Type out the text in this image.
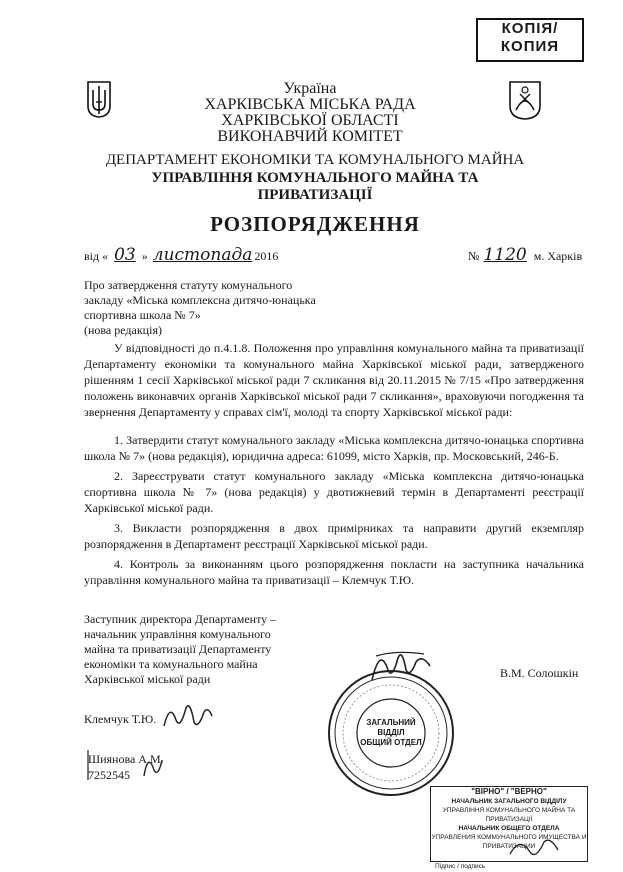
КОПІЯ/
КОПИЯ
Україна
ХАРКІВСЬКА МІСЬКА РАДА
ХАРКІВСЬКОЇ ОБЛАСТІ
ВИКОНАВЧИЙ КОМІТЕТ
ДЕПАРТАМЕНТ ЕКОНОМІКИ ТА КОМУНАЛЬНОГО МАЙНА
УПРАВЛІННЯ КОМУНАЛЬНОГО МАЙНА ТА
ПРИВАТИЗАЦІЇ
РОЗПОРЯДЖЕННЯ
від « 03 » листопада 2016	№ 1120 м. Харків
Про затвердження статуту комунального
закладу «Міська комплексна дитячо-юнацька
спортивна школа № 7»
(нова редакція)
У відповідності до п.4.1.8. Положення про управління комунального майна та приватизації Департаменту економіки та комунального майна Харківської міської ради, затвердженого рішенням 1 сесії Харківської міської ради 7 скликання від 20.11.2015 № 7/15 «Про затвердження положень виконавчих органів Харківської міської ради 7 скликання», враховуючи погодження та звернення Департаменту у справах сім'ї, молоді та спорту Харківської міської ради:
1. Затвердити статут комунального закладу «Міська комплексна дитячо-юнацька спортивна школа № 7» (нова редакція), юридична адреса: 61099, місто Харків, пр. Московський, 246-Б.
2. Зареєструвати статут комунального закладу «Міська комплексна дитячо-юнацька спортивна школа № 7» (нова редакція) у двотижневий термін в Департаменті реєстрації Харківської міської ради.
3. Викласти розпорядження в двох примірниках та направити другий екземпляр розпорядження в Департамент реєстрації Харківської міської ради.
4. Контроль за виконанням цього розпорядження покласти на заступника начальника управління комунального майна та приватизації – Клемчук Т.Ю.
Заступник директора Департаменту –
начальник управління комунального
майна та приватизації Департаменту
економіки та комунального майна
Харківської міської ради	В.М. Солошкін
ЗАГАЛЬНИЙ
ВІДДІЛ
ОБЩИЙ ОТДЕЛ
Клемчук Т.Ю.
Шиянова А.М.
7252545
"ВІРНО" / "ВЕРНО"
НАЧАЛЬНИК ЗАГАЛЬНОГО ВІДДІЛУ
УПРАВЛІННЯ КОМУНАЛЬНОГО МАЙНА ТА ПРИВАТИЗАЦІЇ
НАЧАЛЬНИК ОБЩЕГО ОТДЕЛА
УПРАВЛЕНИЯ КОММУНАЛЬНОГО ИМУЩЕСТВА И ПРИВАТИЗАЦИИ
Підпис / подпись
